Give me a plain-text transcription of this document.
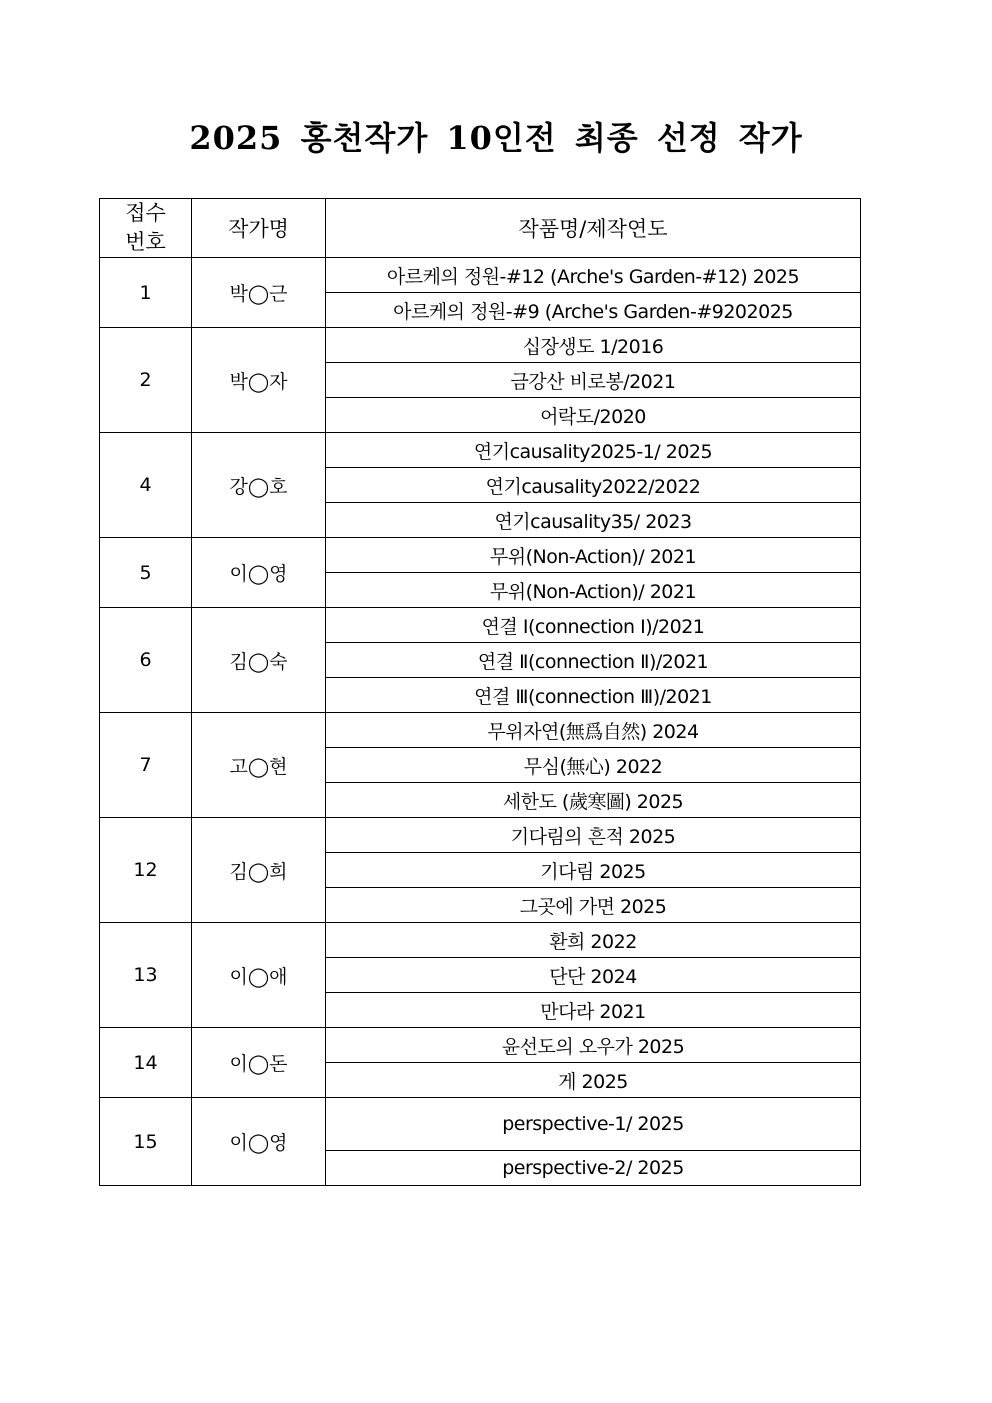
2025 홍천작가 10인전 최종 선정 작가
접수
번호	작가명	작품명/제작연도
1	박◯근	아르케의 정원-#12 (Arche's Garden-#12) 2025
		아르케의 정원-#9 (Arche's Garden-#9202025
2	박◯자	십장생도 1/2016
		금강산 비로봉/2021
		어락도/2020
4	강◯호	연기causality2025-1/ 2025
		연기causality2022/2022
		연기causality35/ 2023
5	이◯영	무위(Non-Action)/ 2021
		무위(Non-Action)/ 2021
6	김◯숙	연결 Ⅰ(connection Ⅰ)/2021
		연결 Ⅱ(connection Ⅱ)/2021
		연결 Ⅲ(connection Ⅲ)/2021
7	고◯현	무위자연(無爲自然) 2024
		무심(無心) 2022
		세한도 (歲寒圖) 2025
12	김◯희	기다림의 흔적 2025
		기다림 2025
		그곳에 가면 2025
13	이◯애	환희 2022
		단단 2024
		만다라 2021
14	이◯돈	윤선도의 오우가 2025
		게 2025
15	이◯영	perspective-1/ 2025
		perspective-2/ 2025
